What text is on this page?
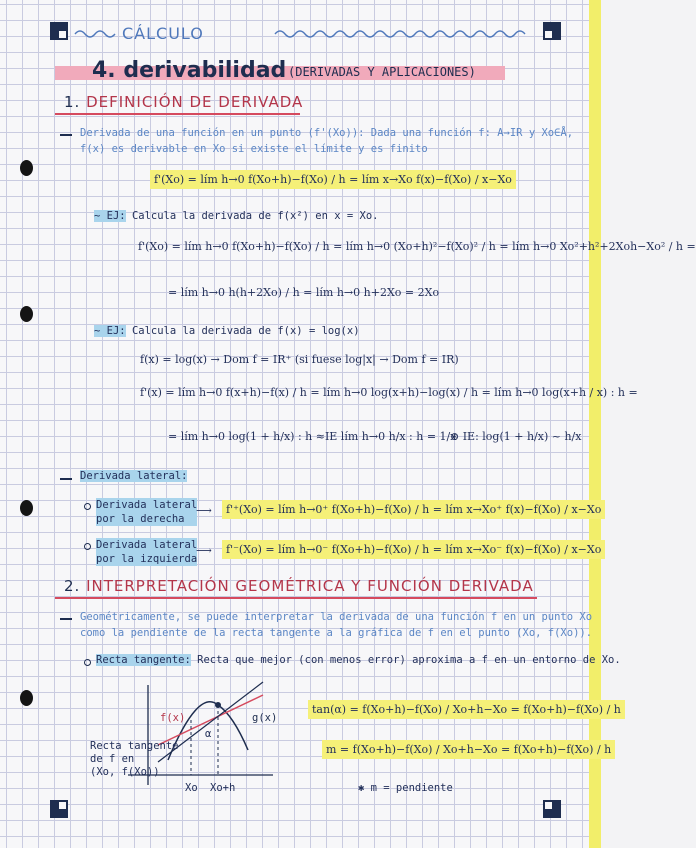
CÁLCULO
4. derivabilidad (DERIVADAS Y APLICACIONES)
1. DEFINICIÓN DE DERIVADA
Derivada de una función en un punto (f'(Xo)): Dada una función f: A→IR y Xo∈Å,
f(x) es derivable en Xo si existe el límite y es finito
f'(Xo) = lím h→0 f(Xo+h)−f(Xo) / h = lím x→Xo f(x)−f(Xo) / x−Xo
~ EJ: Calcula la derivada de f(x²) en x = Xo.
f'(Xo) = lím h→0 f(Xo+h)−f(Xo) / h = lím h→0 (Xo+h)²−f(Xo)² / h = lím h→0 Xo²+h²+2Xoh−Xo² / h =
= lím h→0 h(h+2Xo) / h = lím h→0 h+2Xo = 2Xo
~ EJ: Calcula la derivada de f(x) = log(x)
f(x) = log(x) → Dom f = IR⁺ (si fuese log|x| → Dom f = IR)
f'(x) = lím h→0 f(x+h)−f(x) / h = lím h→0 log(x+h)−log(x) / h = lím h→0 log(x+h / x) : h =
= lím h→0 log(1 + h/x) : h ≈IE lím h→0 h/x : h = 1/x
⊛ IE: log(1 + h/x) ~ h/x
Derivada lateral:
Derivada lateral
por la derecha
⟶	f'⁺(Xo) = lím h→0⁺ f(Xo+h)−f(Xo) / h = lím x→Xo⁺ f(x)−f(Xo) / x−Xo
Derivada lateral
por la izquierda
⟶	f'⁻(Xo) = lím h→0⁻ f(Xo+h)−f(Xo) / h = lím x→Xo⁻ f(x)−f(Xo) / x−Xo
2. INTERPRETACIÓN GEOMÉTRICA Y FUNCIÓN DERIVADA
Geométricamente, se puede interpretar la derivada de una función f en un punto Xo
como la pendiente de la recta tangente a la gráfica de f en el punto (Xo, f(Xo)).
Recta tangente: Recta que mejor (con menos error) aproxima a f en un entorno de Xo.
f(x)	g(x)
α
Recta tangente
de f en
(Xo, f(Xo))
Xo Xo+h
tan(α) = f(Xo+h)−f(Xo) / Xo+h−Xo = f(Xo+h)−f(Xo) / h
m = f(Xo+h)−f(Xo) / Xo+h−Xo = f(Xo+h)−f(Xo) / h
✱ m = pendiente
